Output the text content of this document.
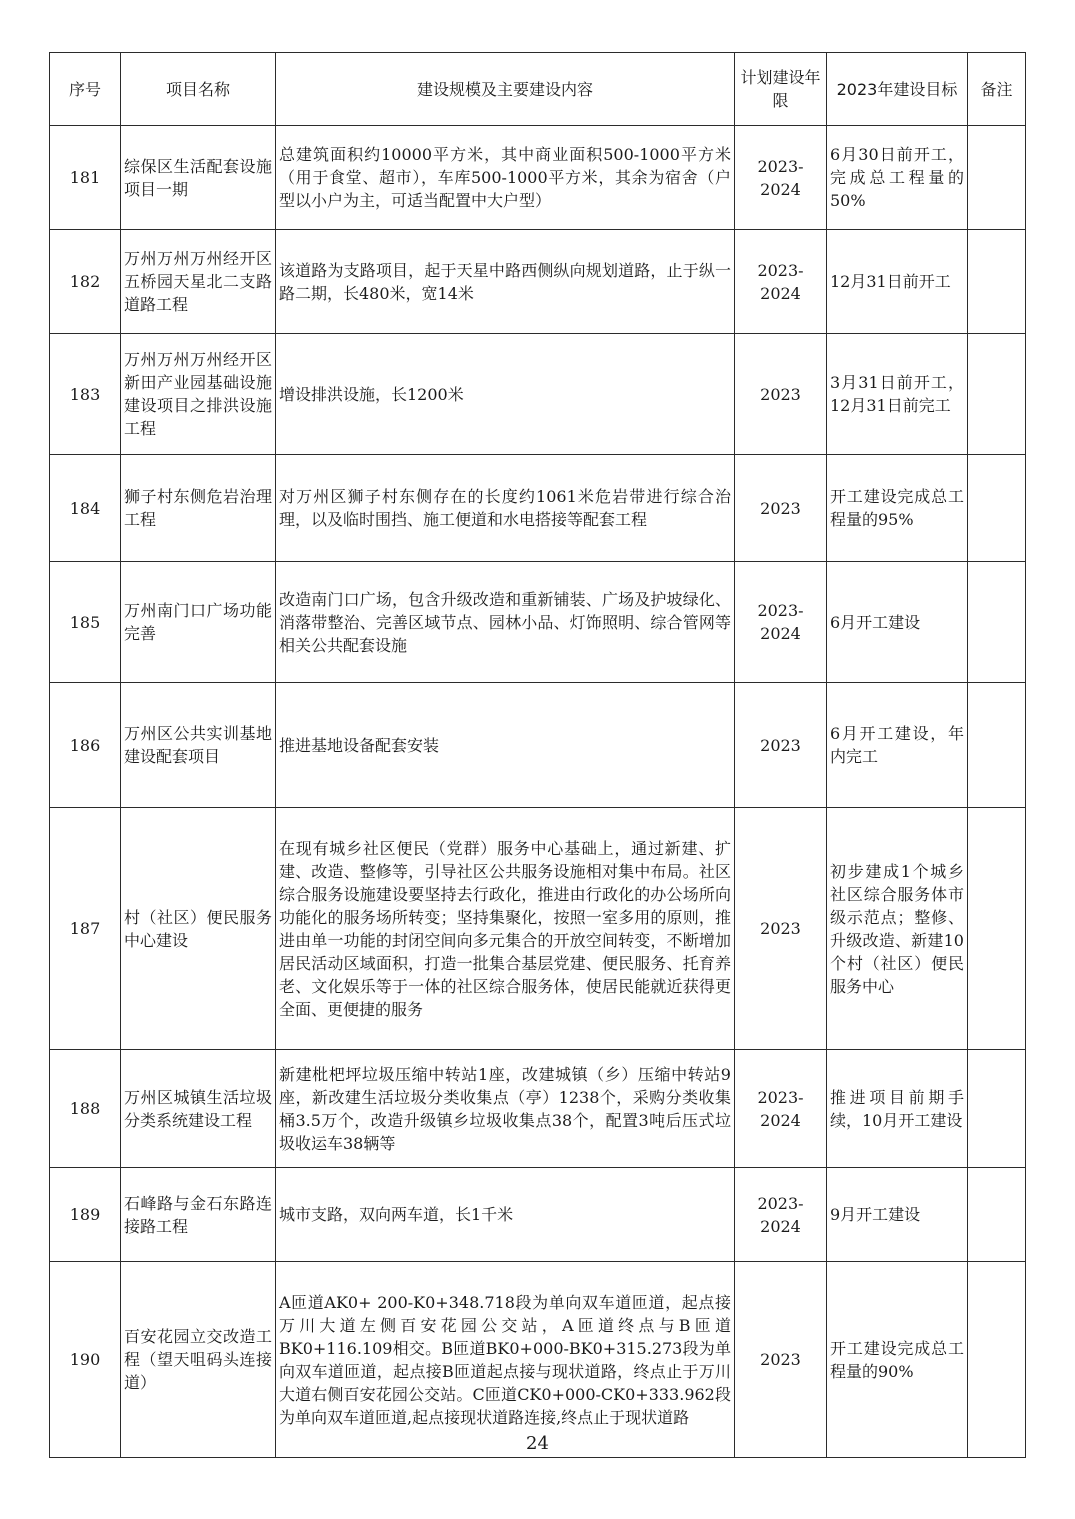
序号	项目名称	建设规模及主要建设内容	计划建设年限	2023年建设目标	备注
181	综保区生活配套设施项目一期	总建筑面积约10000平方米，其中商业面积500-1000平方米（用于食堂、超市），车库500-1000平方米，其余为宿舍（户型以小户为主，可适当配置中大户型）	2023-2024	6月30日前开工，完成总工程量的50%	
182	万州万州万州经开区五桥园天星北二支路道路工程	该道路为支路项目，起于天星中路西侧纵向规划道路，止于纵一路二期，长480米，宽14米	2023-2024	12月31日前开工	
183	万州万州万州经开区新田产业园基础设施建设项目之排洪设施工程	增设排洪设施，长1200米	2023	3月31日前开工，12月31日前完工	
184	狮子村东侧危岩治理工程	对万州区狮子村东侧存在的长度约1061米危岩带进行综合治理，以及临时围挡、施工便道和水电搭接等配套工程	2023	开工建设完成总工程量的95%	
185	万州南门口广场功能完善	改造南门口广场，包含升级改造和重新铺装、广场及护坡绿化、消落带整治、完善区域节点、园林小品、灯饰照明、综合管网等相关公共配套设施	2023-2024	6月开工建设	
186	万州区公共实训基地建设配套项目	推进基地设备配套安装	2023	6月开工建设，年内完工	
187	村（社区）便民服务中心建设	在现有城乡社区便民（党群）服务中心基础上，通过新建、扩建、改造、整修等，引导社区公共服务设施相对集中布局。社区综合服务设施建设要坚持去行政化，推进由行政化的办公场所向功能化的服务场所转变；坚持集聚化，按照一室多用的原则，推进由单一功能的封闭空间向多元集合的开放空间转变，不断增加居民活动区域面积，打造一批集合基层党建、便民服务、托育养老、文化娱乐等于一体的社区综合服务体，使居民能就近获得更全面、更便捷的服务	2023	初步建成1个城乡社区综合服务体市级示范点；整修、升级改造、新建10个村（社区）便民服务中心	
188	万州区城镇生活垃圾分类系统建设工程	新建枇杷坪垃圾压缩中转站1座，改建城镇（乡）压缩中转站9座，新改建生活垃圾分类收集点（亭）1238个，采购分类收集桶3.5万个，改造升级镇乡垃圾收集点38个，配置3吨后压式垃圾收运车38辆等	2023-2024	推进项目前期手续，10月开工建设	
189	石峰路与金石东路连接路工程	城市支路，双向两车道，长1千米	2023-2024	9月开工建设	
190	百安花园立交改造工程（望天咀码头连接道）	A匝道AK0+ 200-K0+348.718段为单向双车道匝道，起点接万川大道左侧百安花园公交站，A匝道终点与B匝道BK0+116.109相交。B匝道BK0+000-BK0+315.273段为单向双车道匝道，起点接B匝道起点接与现状道路，终点止于万川大道右侧百安花园公交站。C匝道CK0+000-CK0+333.962段为单向双车道匝道,起点接现状道路连接,终点止于现状道路	2023	开工建设完成总工程量的90%	
24
